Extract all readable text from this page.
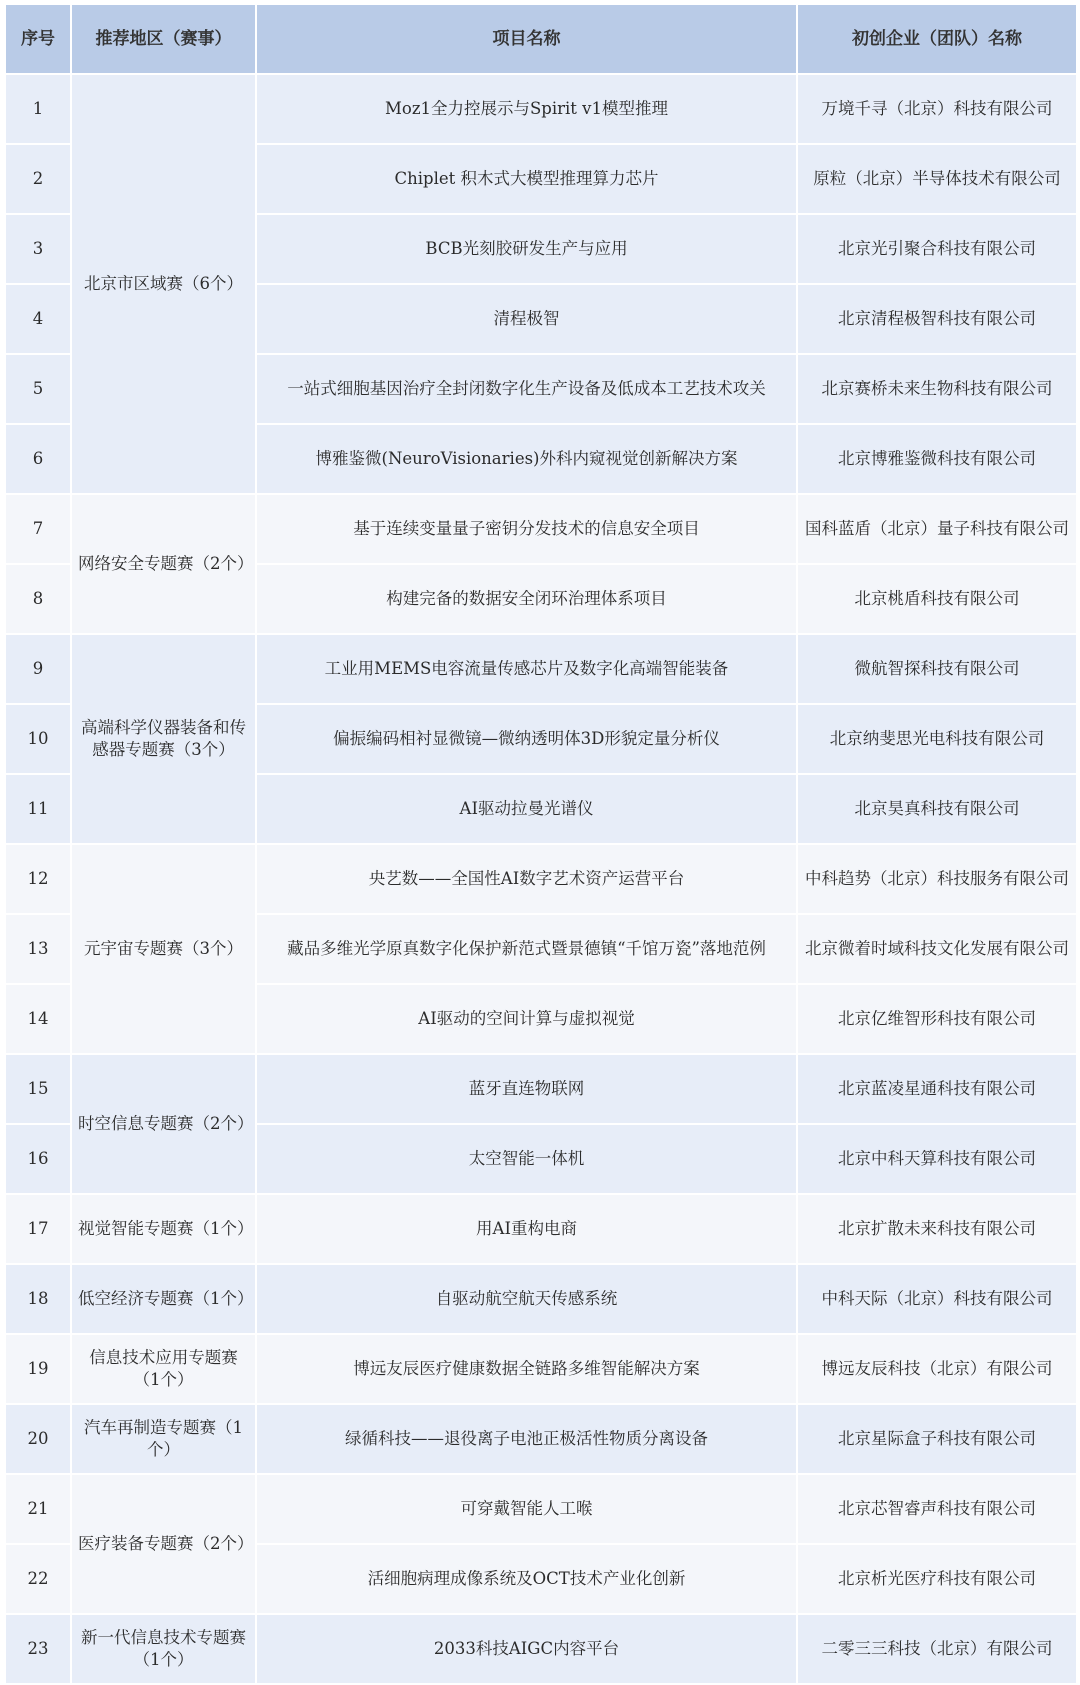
序号	推荐地区（赛事）	项目名称	初创企业（团队）名称
1	北京市区域赛（6个）	Moz1全力控展示与Spirit v1模型推理	万境千寻（北京）科技有限公司
2		Chiplet 积木式大模型推理算力芯片	原粒（北京）半导体技术有限公司
3		BCB光刻胶研发生产与应用	北京光引聚合科技有限公司
4		清程极智	北京清程极智科技有限公司
5		一站式细胞基因治疗全封闭数字化生产设备及低成本工艺技术攻关	北京赛桥未来生物科技有限公司
6		博雅鉴微(NeuroVisionaries)外科内窥视觉创新解决方案	北京博雅鉴微科技有限公司
7	网络安全专题赛（2个）	基于连续变量量子密钥分发技术的信息安全项目	国科蓝盾（北京）量子科技有限公司
8		构建完备的数据安全闭环治理体系项目	北京桃盾科技有限公司
9	高端科学仪器装备和传感器专题赛（3个）	工业用MEMS电容流量传感芯片及数字化高端智能装备	微航智探科技有限公司
10		偏振编码相衬显微镜—微纳透明体3D形貌定量分析仪	北京纳斐思光电科技有限公司
11		AI驱动拉曼光谱仪	北京昊真科技有限公司
12	元宇宙专题赛（3个）	央艺数——全国性AI数字艺术资产运营平台	中科趋势（北京）科技服务有限公司
13		藏品多维光学原真数字化保护新范式暨景德镇“千馆万瓷”落地范例	北京微着时域科技文化发展有限公司
14		AI驱动的空间计算与虚拟视觉	北京亿维智形科技有限公司
15	时空信息专题赛（2个）	蓝牙直连物联网	北京蓝凌星通科技有限公司
16		太空智能一体机	北京中科天算科技有限公司
17	视觉智能专题赛（1个）	用AI重构电商	北京扩散未来科技有限公司
18	低空经济专题赛（1个）	自驱动航空航天传感系统	中科天际（北京）科技有限公司
19	信息技术应用专题赛（1个）	博远友辰医疗健康数据全链路多维智能解决方案	博远友辰科技（北京）有限公司
20	汽车再制造专题赛（1个）	绿循科技——退役离子电池正极活性物质分离设备	北京星际盒子科技有限公司
21	医疗装备专题赛（2个）	可穿戴智能人工喉	北京芯智睿声科技有限公司
22		活细胞病理成像系统及OCT技术产业化创新	北京析光医疗科技有限公司
23	新一代信息技术专题赛（1个）	2033科技AIGC内容平台	二零三三科技（北京）有限公司
